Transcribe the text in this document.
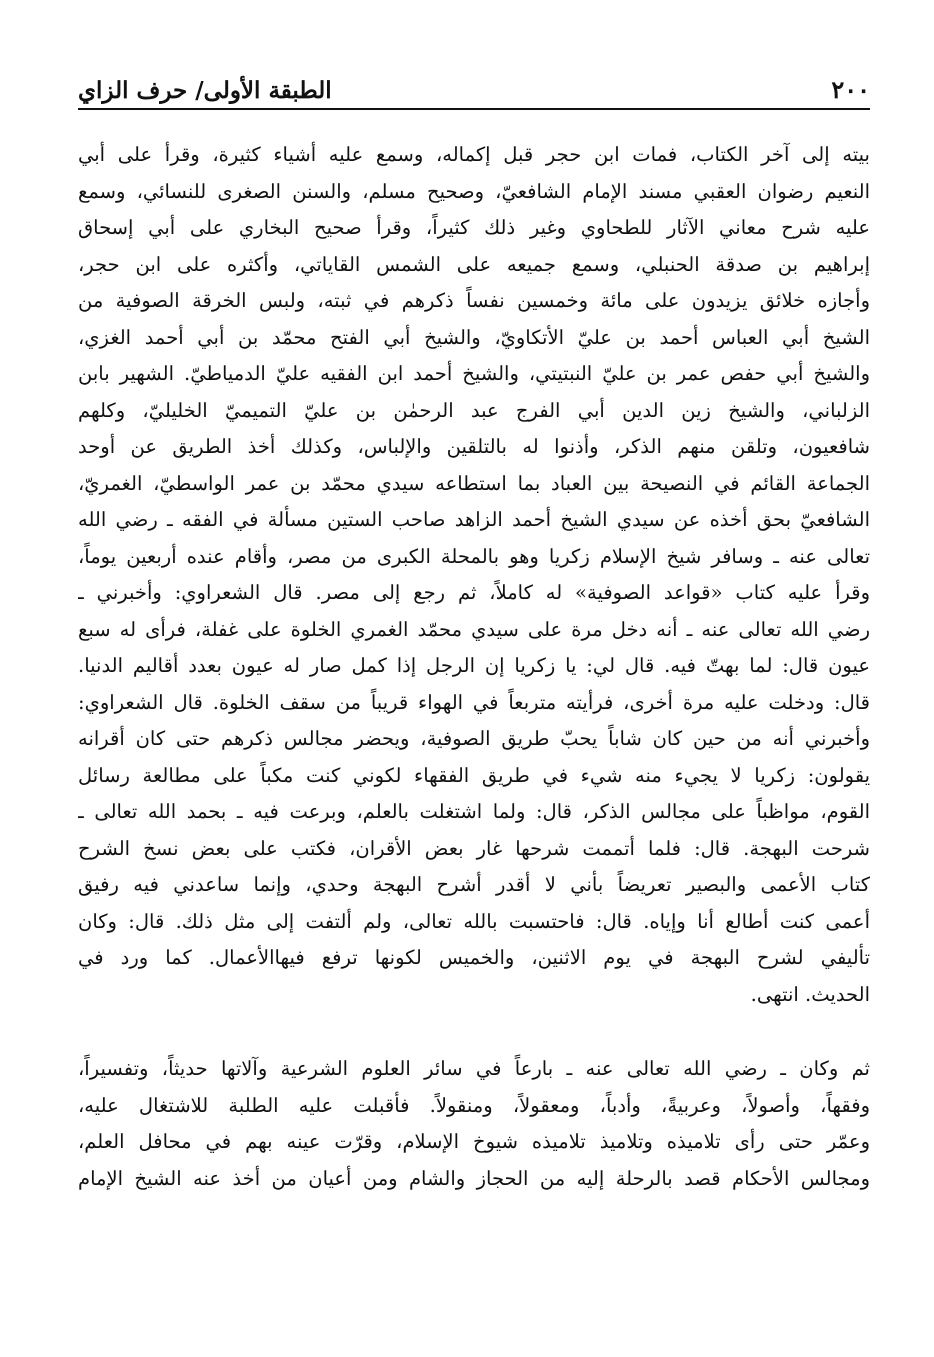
٢٠٠
الطبقة الأولى/ حرف الزاي
بيته إلى آخر الكتاب، فمات ابن حجر قبل إكماله، وسمع عليه أشياء كثيرة، وقرأ على أبي
النعيم رضوان العقبي مسند الإمام الشافعيّ، وصحيح مسلم، والسنن الصغرى للنسائي، وسمع
عليه شرح معاني الآثار للطحاوي وغير ذلك كثيراً، وقرأ صحيح البخاري على أبي إسحاق
إبراهيم بن صدقة الحنبلي، وسمع جميعه على الشمس القاياتي، وأكثره على ابن حجر،
وأجازه خلائق يزيدون على مائة وخمسين نفساً ذكرهم في ثبته، ولبس الخرقة الصوفية من
الشيخ أبي العباس أحمد بن عليّ الأتكاويّ، والشيخ أبي الفتح محمّد بن أبي أحمد الغزي،
والشيخ أبي حفص عمر بن عليّ النبتيتي، والشيخ أحمد ابن الفقيه عليّ الدمياطيّ. الشهير بابن
الزلباني، والشيخ زين الدين أبي الفرج عبد الرحمٰن بن عليّ التميميّ الخليليّ، وكلهم
شافعيون، وتلقن منهم الذكر، وأذنوا له بالتلقين والإلباس، وكذلك أخذ الطريق عن أوحد
الجماعة القائم في النصيحة بين العباد بما استطاعه سيدي محمّد بن عمر الواسطيّ، الغمريّ،
الشافعيّ بحق أخذه عن سيدي الشيخ أحمد الزاهد صاحب الستين مسألة في الفقه ـ رضي الله
تعالى عنه ـ وسافر شيخ الإسلام زكريا وهو بالمحلة الكبرى من مصر، وأقام عنده أربعين يوماً،
وقرأ عليه كتاب «قواعد الصوفية» له كاملاً، ثم رجع إلى مصر. قال الشعراوي: وأخبرني ـ
رضي الله تعالى عنه ـ أنه دخل مرة على سيدي محمّد الغمري الخلوة على غفلة، فرأى له سبع
عيون قال: لما بهتّ فيه. قال لي: يا زكريا إن الرجل إذا كمل صار له عيون بعدد أقاليم الدنيا.
قال: ودخلت عليه مرة أخرى، فرأيته متربعاً في الهواء قريباً من سقف الخلوة. قال الشعراوي:
وأخبرني أنه من حين كان شاباً يحبّ طريق الصوفية، ويحضر مجالس ذكرهم حتى كان أقرانه
يقولون: زكريا لا يجيء منه شيء في طريق الفقهاء لكوني كنت مكباً على مطالعة رسائل
القوم، مواظباً على مجالس الذكر، قال: ولما اشتغلت بالعلم، وبرعت فيه ـ بحمد الله تعالى ـ
شرحت البهجة. قال: فلما أتممت شرحها غار بعض الأقران، فكتب على بعض نسخ الشرح
كتاب الأعمى والبصير تعريضاً بأني لا أقدر أشرح البهجة وحدي، وإنما ساعدني فيه رفيق
أعمى كنت أطالع أنا وإياه. قال: فاحتسبت بالله تعالى، ولم ألتفت إلى مثل ذلك. قال: وكان
تأليفي لشرح البهجة في يوم الاثنين، والخميس لكونها ترفع فيهاالأعمال. كما ورد في
الحديث. انتهى.
ثم وكان ـ رضي الله تعالى عنه ـ بارعاً في سائر العلوم الشرعية وآلاتها حديثاً، وتفسيراً،
وفقهاً، وأصولاً، وعربيةً، وأدباً، ومعقولاً، ومنقولاً. فأقبلت عليه الطلبة للاشتغال عليه،
وعمّر حتى رأى تلاميذه وتلاميذ تلاميذه شيوخ الإسلام، وقرّت عينه بهم في محافل العلم،
ومجالس الأحكام قصد بالرحلة إليه من الحجاز والشام ومن أعيان من أخذ عنه الشيخ الإمام
